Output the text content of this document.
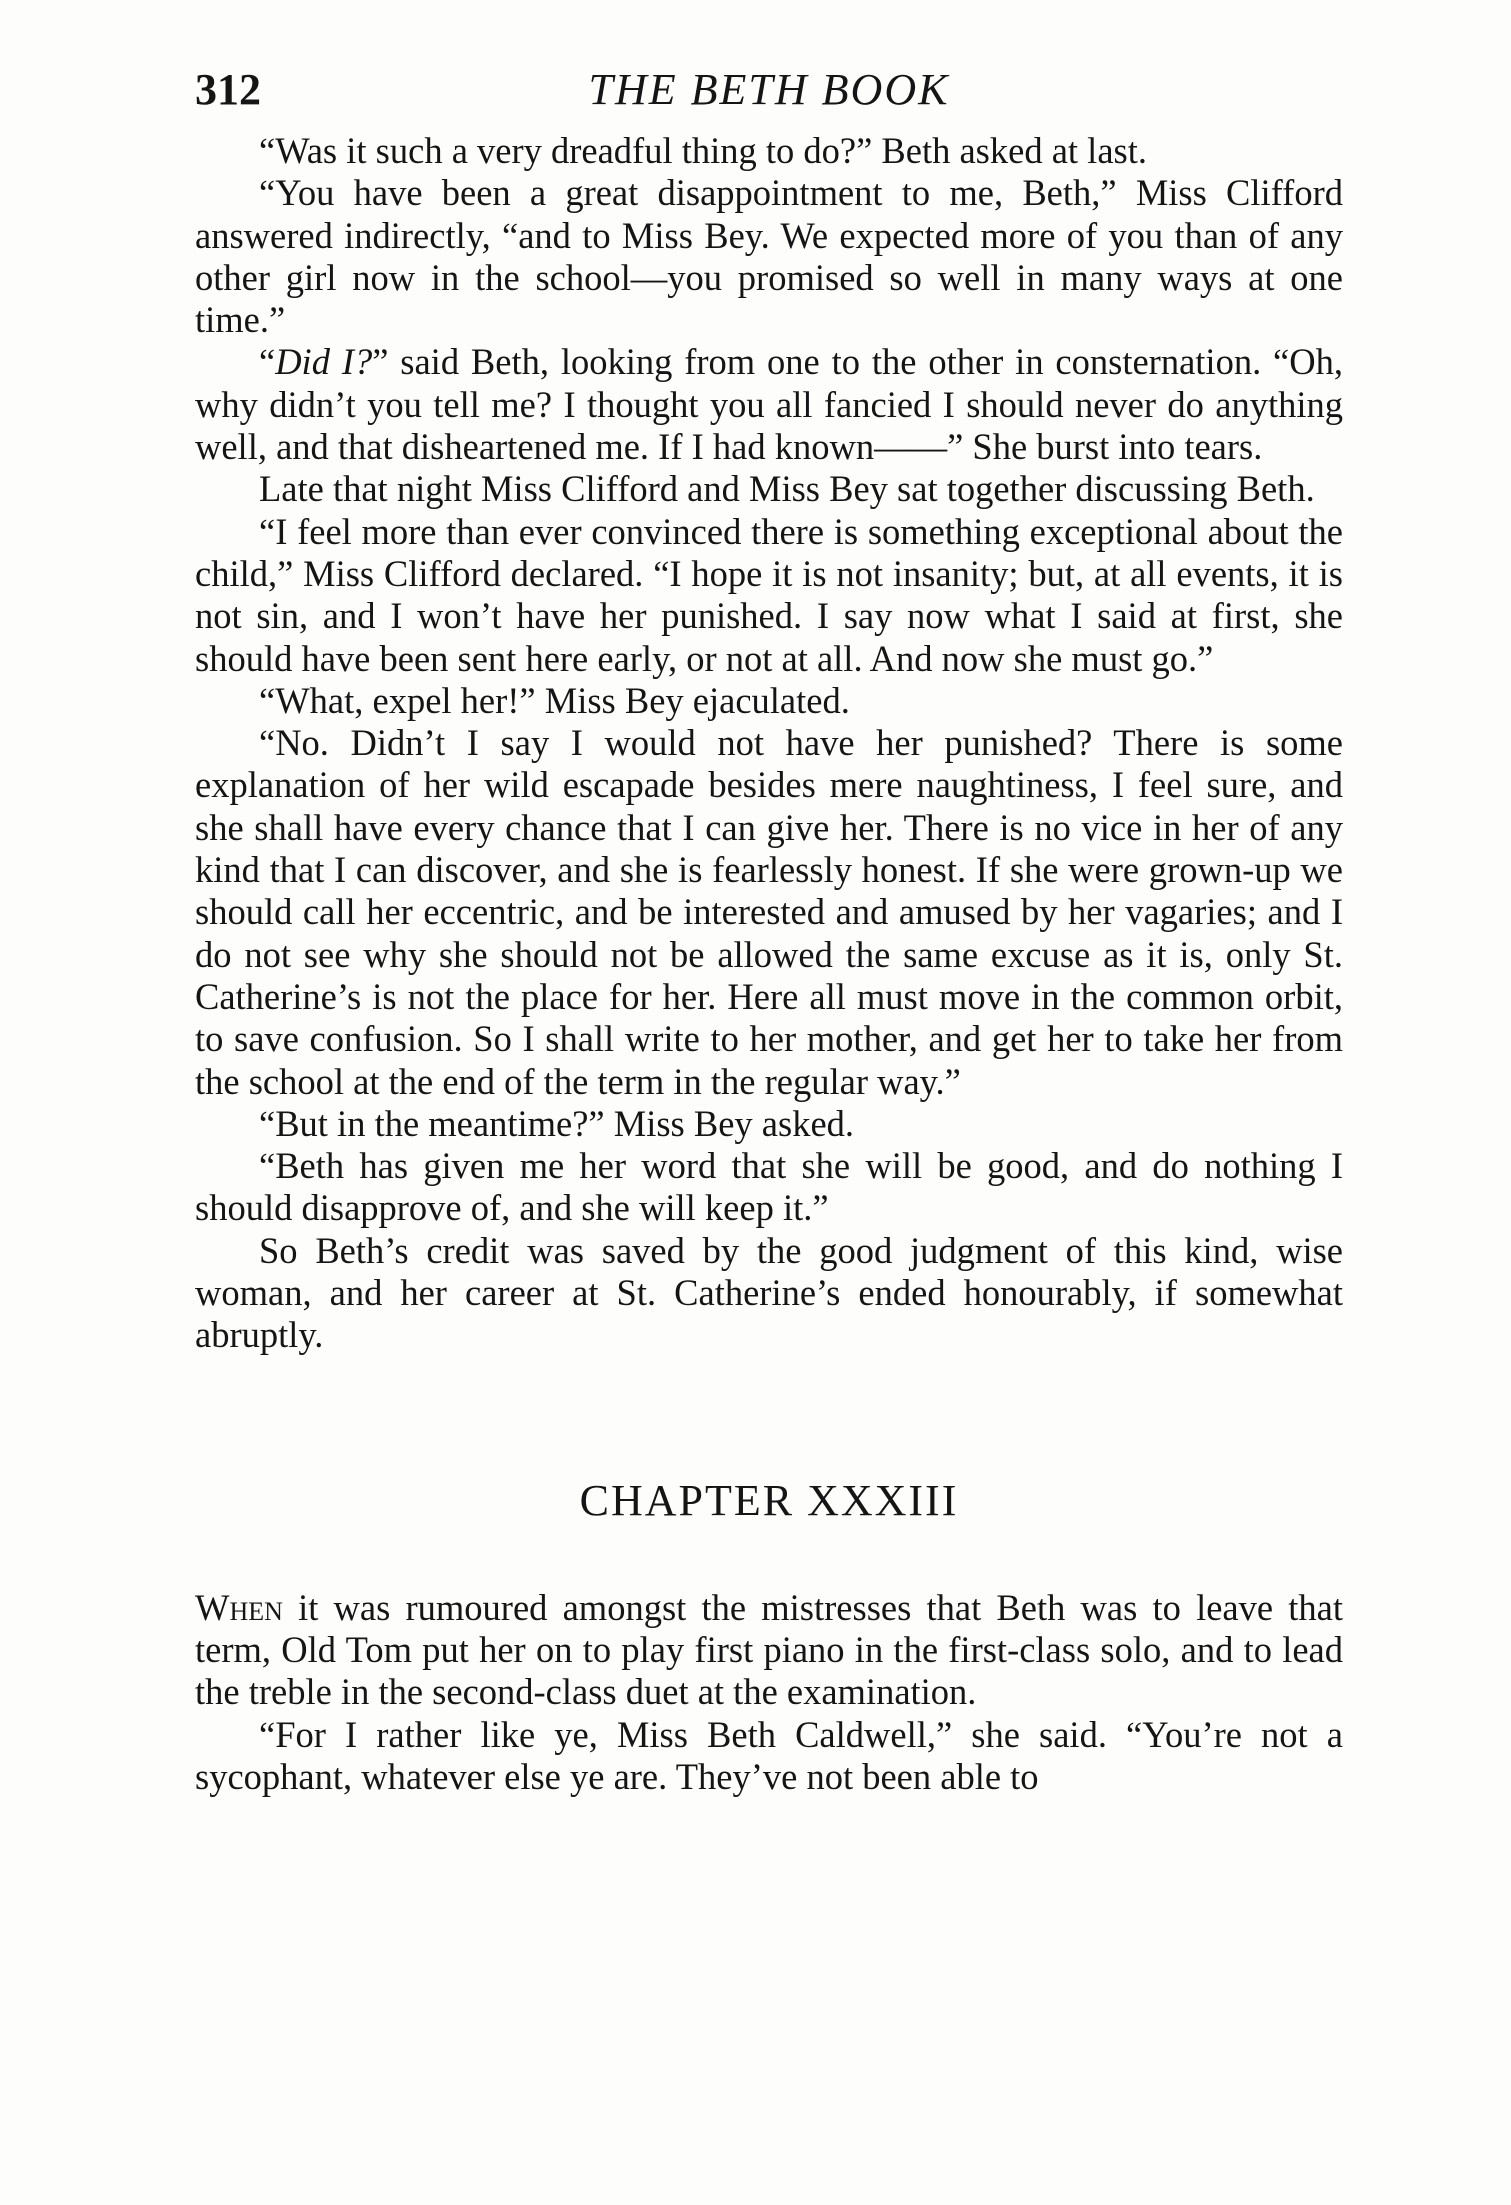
312	THE BETH BOOK

“Was it such a very dreadful thing to do?” Beth asked at last.

“You have been a great disappointment to me, Beth,” Miss Clifford answered indirectly, “and to Miss Bey. We expected more of you than of any other girl now in the school—you promised so well in many ways at one time.”

“Did I?” said Beth, looking from one to the other in consternation. “Oh, why didn’t you tell me? I thought you all fancied I should never do anything well, and that disheartened me. If I had known——” She burst into tears.

Late that night Miss Clifford and Miss Bey sat together discussing Beth.

“I feel more than ever convinced there is something exceptional about the child,” Miss Clifford declared. “I hope it is not insanity; but, at all events, it is not sin, and I won’t have her punished. I say now what I said at first, she should have been sent here early, or not at all. And now she must go.”

“What, expel her!” Miss Bey ejaculated.

“No. Didn’t I say I would not have her punished? There is some explanation of her wild escapade besides mere naughtiness, I feel sure, and she shall have every chance that I can give her. There is no vice in her of any kind that I can discover, and she is fearlessly honest. If she were grown-up we should call her eccentric, and be interested and amused by her vagaries; and I do not see why she should not be allowed the same excuse as it is, only St. Catherine’s is not the place for her. Here all must move in the common orbit, to save confusion. So I shall write to her mother, and get her to take her from the school at the end of the term in the regular way.”

“But in the meantime?” Miss Bey asked.

“Beth has given me her word that she will be good, and do nothing I should disapprove of, and she will keep it.”

So Beth’s credit was saved by the good judgment of this kind, wise woman, and her career at St. Catherine’s ended honourably, if somewhat abruptly.

CHAPTER XXXIII

When it was rumoured amongst the mistresses that Beth was to leave that term, Old Tom put her on to play first piano in the first-class solo, and to lead the treble in the second-class duet at the examination.

“For I rather like ye, Miss Beth Caldwell,” she said. “You’re not a sycophant, whatever else ye are. They’ve not been able to
